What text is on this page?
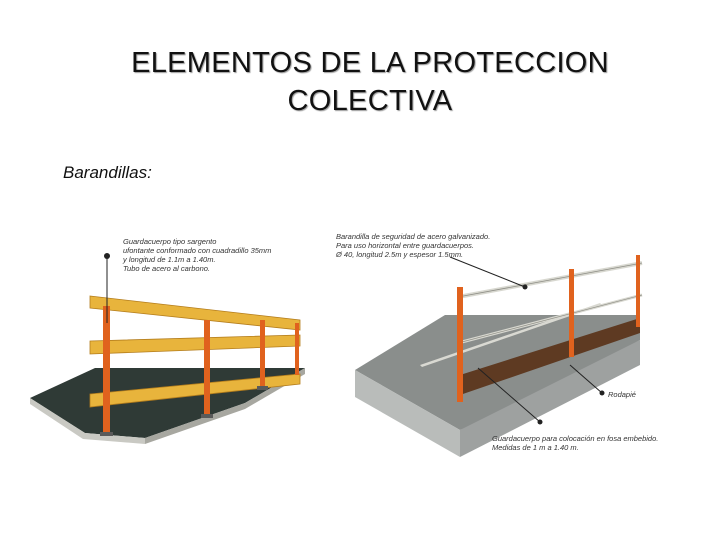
ELEMENTOS DE LA PROTECCION
COLECTIVA
Barandillas:
Guardacuerpo tipo sargento ufontante conformado con cuadradillo 35mm y longitud de 1.1m a 1.40m. Tubo de acero al carbono.
Barandilla de seguridad de acero galvanizado. Para uso horizontal entre guardacuerpos. Ø 40, longitud 2.5m y espesor 1.5mm.
Rodapié
Guardacuerpo para colocación en fosa embebido. Medidas de 1 m a 1.40 m.
